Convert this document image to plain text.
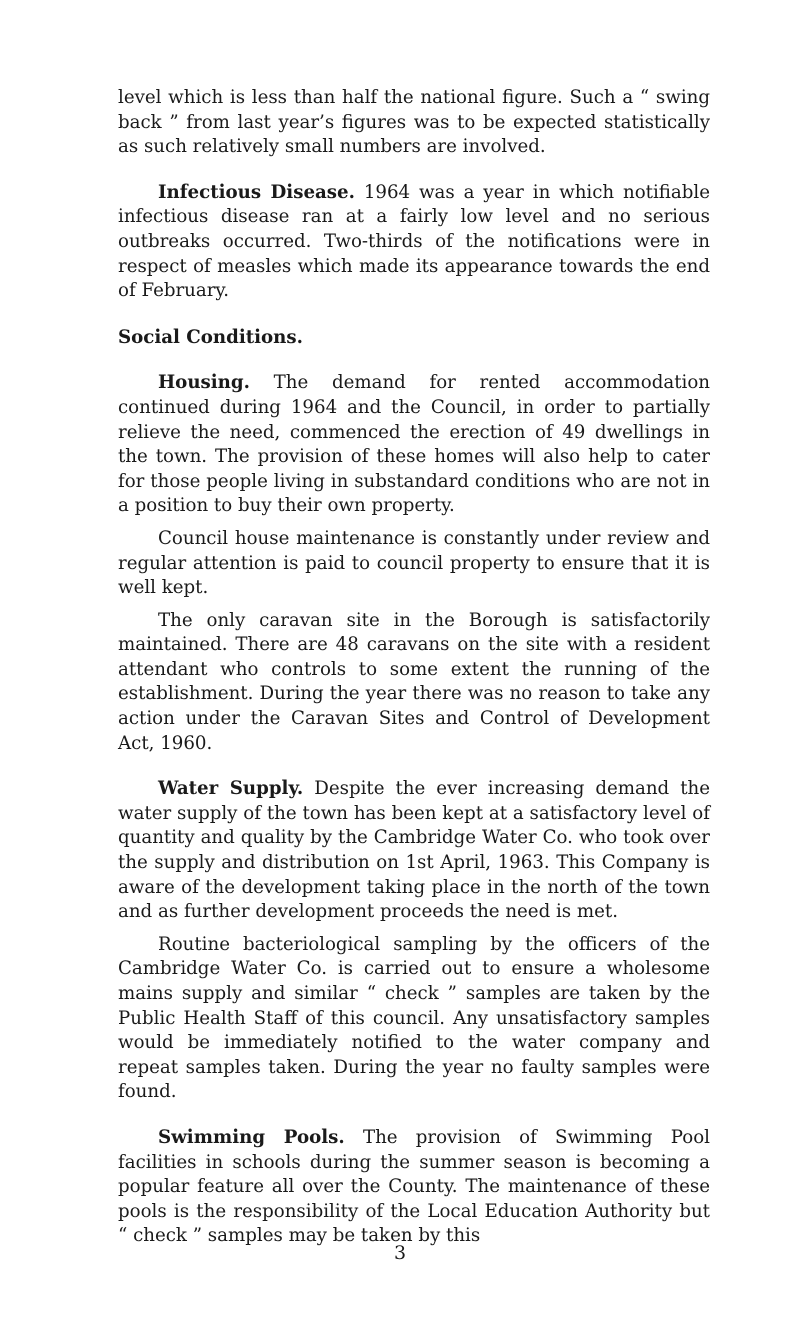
level which is less than half the national figure. Such a “ swing back ” from last year’s figures was to be expected statistically as such relatively small numbers are involved.

Infectious Disease. 1964 was a year in which notifiable infectious disease ran at a fairly low level and no serious outbreaks occurred. Two-thirds of the notifications were in respect of measles which made its appearance towards the end of February.

Social Conditions.

Housing. The demand for rented accommodation continued during 1964 and the Council, in order to partially relieve the need, commenced the erection of 49 dwellings in the town. The provision of these homes will also help to cater for those people living in substandard conditions who are not in a position to buy their own property.

Council house maintenance is constantly under review and regular attention is paid to council property to ensure that it is well kept.

The only caravan site in the Borough is satisfactorily maintained. There are 48 caravans on the site with a resident attendant who controls to some extent the running of the establishment. During the year there was no reason to take any action under the Caravan Sites and Control of Development Act, 1960.

Water Supply. Despite the ever increasing demand the water supply of the town has been kept at a satisfactory level of quantity and quality by the Cambridge Water Co. who took over the supply and distribution on 1st April, 1963. This Company is aware of the development taking place in the north of the town and as further development proceeds the need is met.

Routine bacteriological sampling by the officers of the Cambridge Water Co. is carried out to ensure a wholesome mains supply and similar “ check ” samples are taken by the Public Health Staff of this council. Any unsatisfactory samples would be immediately notified to the water company and repeat samples taken. During the year no faulty samples were found.

Swimming Pools. The provision of Swimming Pool facilities in schools during the summer season is becoming a popular feature all over the County. The maintenance of these pools is the responsibility of the Local Education Authority but “ check ” samples may be taken by this

3
